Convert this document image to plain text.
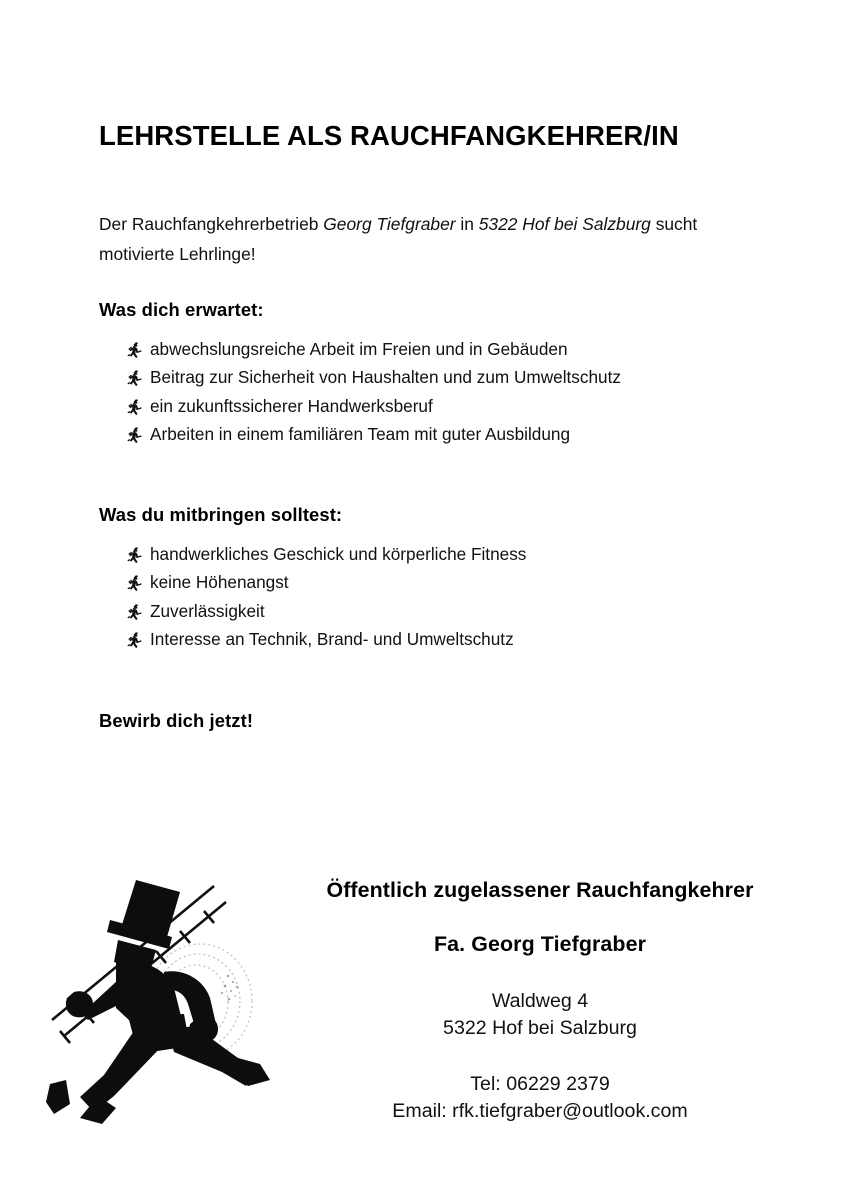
LEHRSTELLE ALS RAUCHFANGKEHRER/IN

Der Rauchfangkehrerbetrieb Georg Tiefgraber in 5322 Hof bei Salzburg sucht motivierte Lehrlinge!

Was dich erwartet:
abwechslungsreiche Arbeit im Freien und in Gebäuden
Beitrag zur Sicherheit von Haushalten und zum Umweltschutz
ein zukunftssicherer Handwerksberuf
Arbeiten in einem familiären Team mit guter Ausbildung
Was du mitbringen solltest:
handwerkliches Geschick und körperliche Fitness
keine Höhenangst
Zuverlässigkeit
Interesse an Technik, Brand- und Umweltschutz
Bewirb dich jetzt!
Öffentlich zugelassener Rauchfangkehrer
Fa. Georg Tiefgraber
Waldweg 4
5322 Hof bei Salzburg
Tel: 06229 2379
Email: rfk.tiefgraber@outlook.com
